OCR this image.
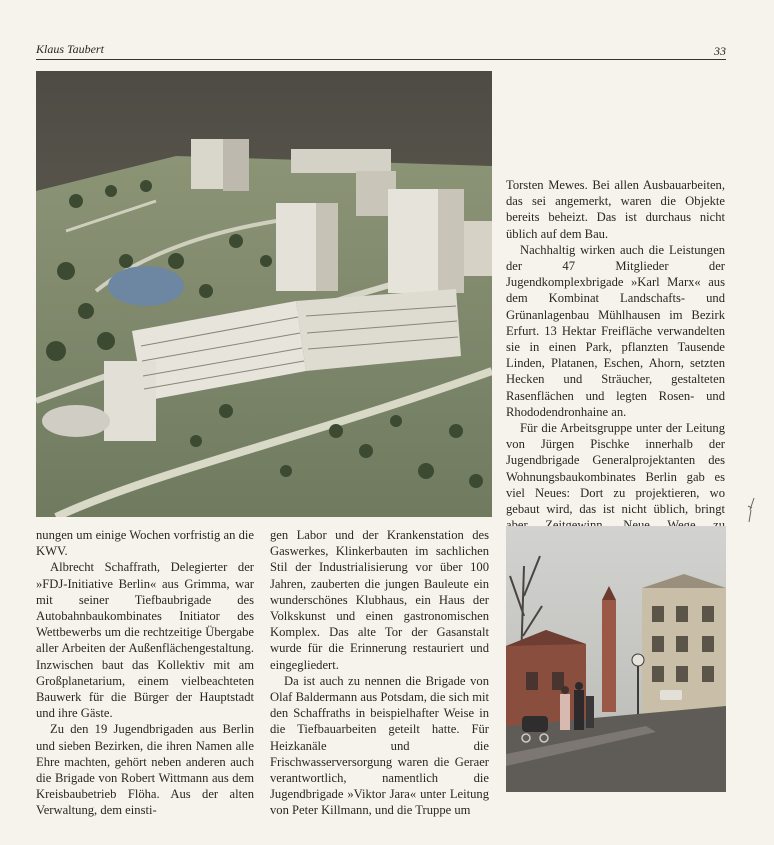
Klaus Taubert	33

Torsten Mewes. Bei allen Ausbauarbeiten, das sei angemerkt, waren die Objekte bereits beheizt. Das ist durchaus nicht üblich auf dem Bau.

Nachhaltig wirken auch die Leistungen der 47 Mitglieder der Jugendkomplexbrigade »Karl Marx« aus dem Kombinat Landschafts- und Grünanlagenbau Mühlhausen im Bezirk Erfurt. 13 Hektar Freifläche verwandelten sie in einen Park, pflanzten Tausende Linden, Platanen, Eschen, Ahorn, setzten Hecken und Sträucher, gestalteten Rasenflächen und legten Rosen- und Rhododendronhaine an.

Für die Arbeitsgruppe unter der Leitung von Jürgen Pischke innerhalb der Jugendbrigade Generalprojektanten des Wohnungsbaukombinates Berlin gab es viel Neues: Dort zu projektieren, wo gebaut wird, das ist nicht üblich, bringt

nungen um einige Wochen vorfristig an die KWV.

Albrecht Schaffrath, Delegierter der »FDJ-Initiative Berlin« aus Grimma, war mit seiner Tiefbaubrigade des Autobahnbaukombinates Initiator des Wettbewerbs um die rechtzeitige Übergabe aller Arbeiten der Außenflächengestaltung. Inzwischen baut das Kollektiv mit am Großplanetarium, einem vielbeachteten Bauwerk für die Bürger der Hauptstadt und ihre Gäste.

Zu den 19 Jugendbrigaden aus Berlin und sieben Bezirken, die ihren Namen alle Ehre machten, gehört neben anderen auch die Brigade von Robert Wittmann aus dem Kreisbaubetrieb Flöha. Aus der alten Verwaltung, dem einsti-

gen Labor und der Krankenstation des Gaswerkes, Klinkerbauten im sachlichen Stil der Industrialisierung vor über 100 Jahren, zauberten die jungen Bauleute ein wunderschönes Klubhaus, ein Haus der Volkskunst und einen gastronomischen Komplex. Das alte Tor der Gasanstalt wurde für die Erinnerung restauriert und eingegliedert.

Da ist auch zu nennen die Brigade von Olaf Baldermann aus Potsdam, die sich mit den Schaffraths in beispielhafter Weise in die Tiefbauarbeiten geteilt hatte. Für Heizkanäle und die Frischwasserversorgung waren die Geraer verantwortlich, namentlich die Jugendbrigade »Viktor Jara« unter Leitung von Peter Killmann, und die Truppe um
